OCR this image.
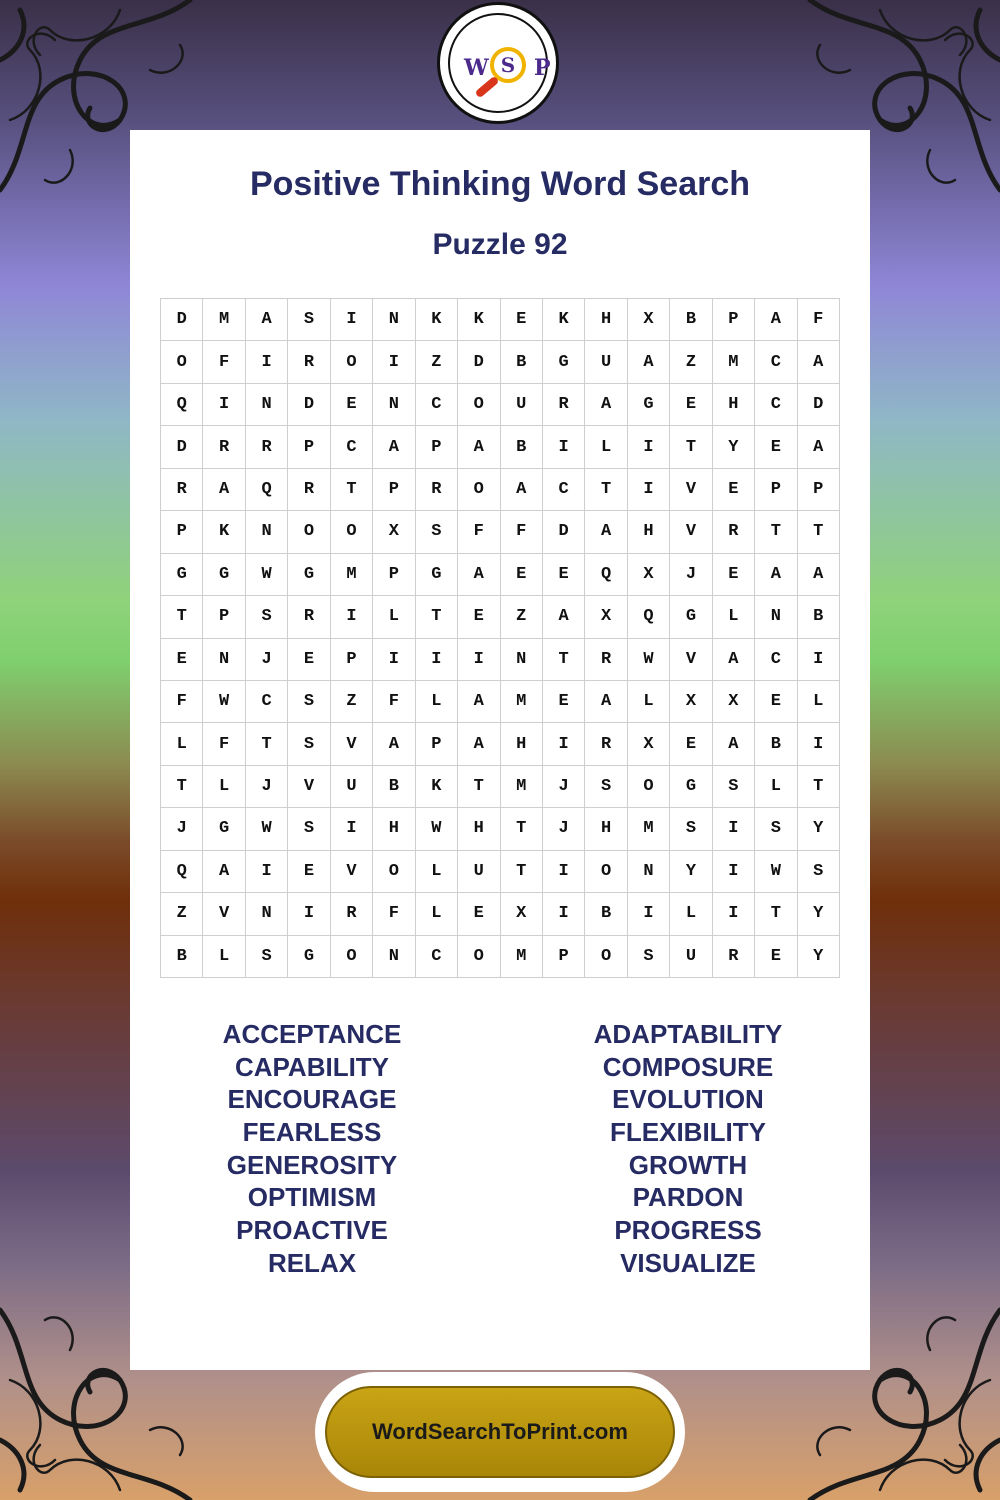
W S P
Positive Thinking Word Search
Puzzle 92
D	M	A	S	I	N	K	K	E	K	H	X	B	P	A	F
O	F	I	R	O	I	Z	D	B	G	U	A	Z	M	C	A
Q	I	N	D	E	N	C	O	U	R	A	G	E	H	C	D
D	R	R	P	C	A	P	A	B	I	L	I	T	Y	E	A
R	A	Q	R	T	P	R	O	A	C	T	I	V	E	P	P
P	K	N	O	O	X	S	F	F	D	A	H	V	R	T	T
G	G	W	G	M	P	G	A	E	E	Q	X	J	E	A	A
T	P	S	R	I	L	T	E	Z	A	X	Q	G	L	N	B
E	N	J	E	P	I	I	I	N	T	R	W	V	A	C	I
F	W	C	S	Z	F	L	A	M	E	A	L	X	X	E	L
L	F	T	S	V	A	P	A	H	I	R	X	E	A	B	I
T	L	J	V	U	B	K	T	M	J	S	O	G	S	L	T
J	G	W	S	I	H	W	H	T	J	H	M	S	I	S	Y
Q	A	I	E	V	O	L	U	T	I	O	N	Y	I	W	S
Z	V	N	I	R	F	L	E	X	I	B	I	L	I	T	Y
B	L	S	G	O	N	C	O	M	P	O	S	U	R	E	Y
ACCEPTANCE
CAPABILITY
ENCOURAGE
FEARLESS
GENEROSITY
OPTIMISM
PROACTIVE
RELAX
ADAPTABILITY
COMPOSURE
EVOLUTION
FLEXIBILITY
GROWTH
PARDON
PROGRESS
VISUALIZE
WordSearchToPrint.com
